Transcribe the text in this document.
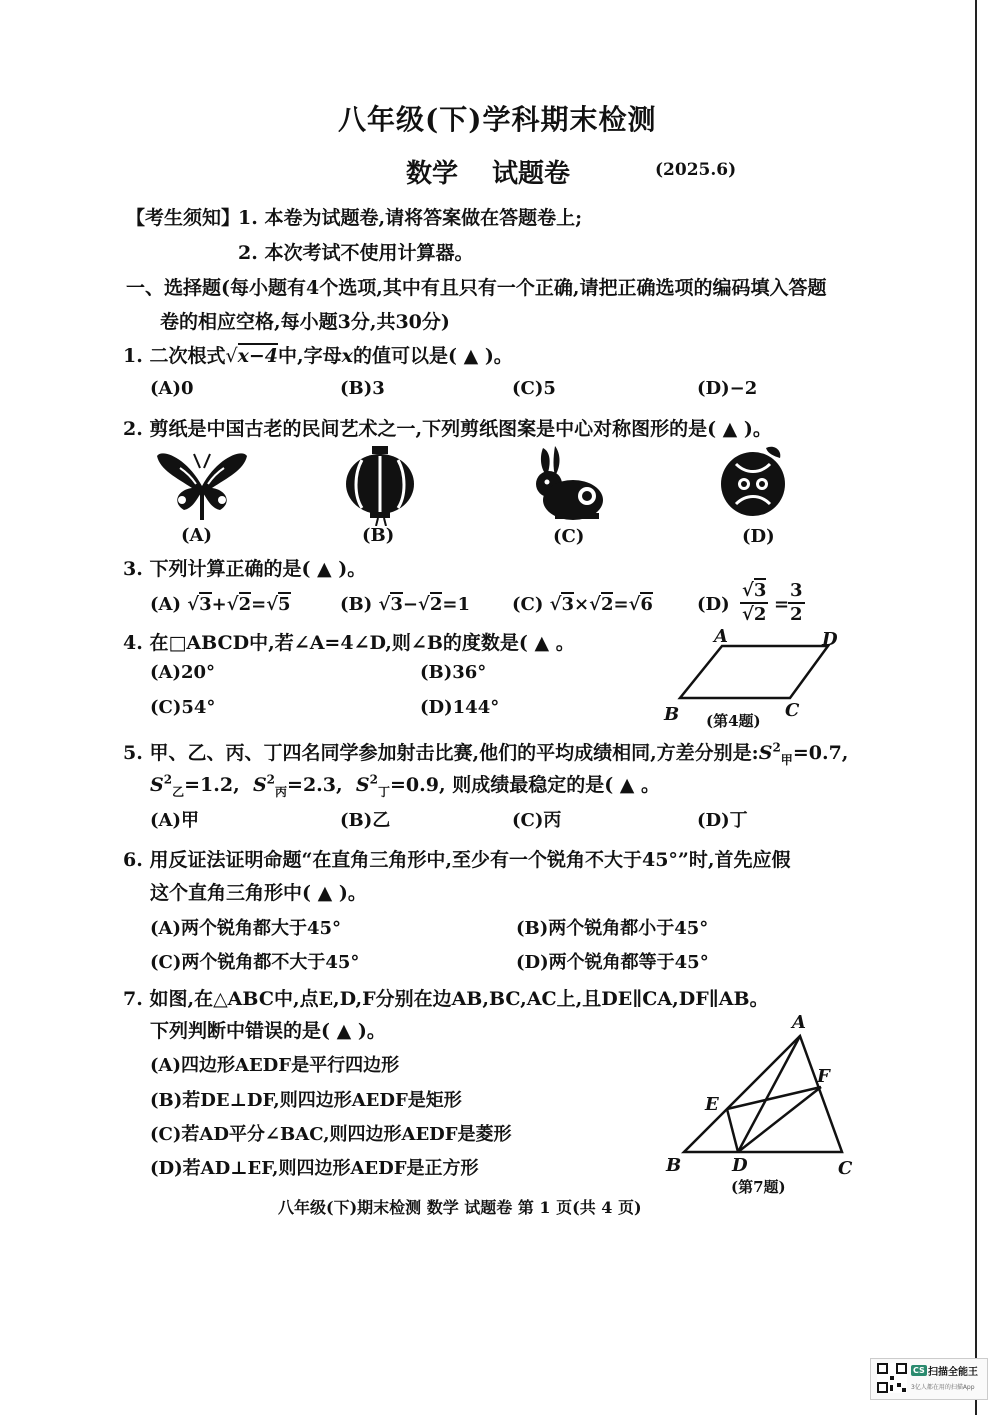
八年级(下)学科期末检测
数学 试题卷	(2025.6)
【考生须知】
1. 本卷为试题卷,请将答案做在答题卷上;
2. 本次考试不使用计算器。
一、选择题(每小题有4个选项,其中有且只有一个正确,请把正确选项的编码填入答题
卷的相应空格,每小题3分,共30分)
1. 二次根式√x−4中,字母x的值可以是( ▲ )。
(A)0	(B)3	(C)5	(D)−2
2. 剪纸是中国古老的民间艺术之一,下列剪纸图案是中心对称图形的是( ▲ )。
(A)	(B)	(C)	(D)
3. 下列计算正确的是( ▲ )。
(A) √3+√2=√5	(B) √3−√2=1 (C) √3×√2=√6 (D)
√3
√2 =
3
2
4. 在□ABCD中,若∠A=4∠D,则∠B的度数是( ▲ 。
(A)20°	(B)36°
(C)54°	(D)144°
A	D
B	C
(第4题)
5. 甲、乙、丙、丁四名同学参加射击比赛,他们的平均成绩相同,方差分别是$:S^2_甲=0.7$,
$S^2_乙=1.2$, $S^2_丙=2.3$, $S^2_丁=0.9$, 则成绩最稳定的是( ▲ 。
(A)甲	(B)乙	(C)丙	(D)丁
6. 用反证法证明命题“在直角三角形中,至少有一个锐角不大于45°”时,首先应假
这个直角三角形中( ▲ )。
(A)两个锐角都大于45°	(B)两个锐角都小于45°
(C)两个锐角都不大于45°	(D)两个锐角都等于45°
7. 如图,在△ABC中,点E,D,F分别在边AB,BC,AC上,且DE∥CA,DF∥AB。
下列判断中错误的是( ▲ )。
(A)四边形AEDF是平行四边形
(B)若DE⊥DF,则四边形AEDF是矩形
(C)若AD平分∠BAC,则四边形AEDF是菱形
(D)若AD⊥EF,则四边形AEDF是正方形
A
F
E
B	D	C
(第7题)
八年级(下)期末检测 数学 试题卷 第 1 页(共 4 页)
CS 扫描全能王
3亿人都在用的扫描App
